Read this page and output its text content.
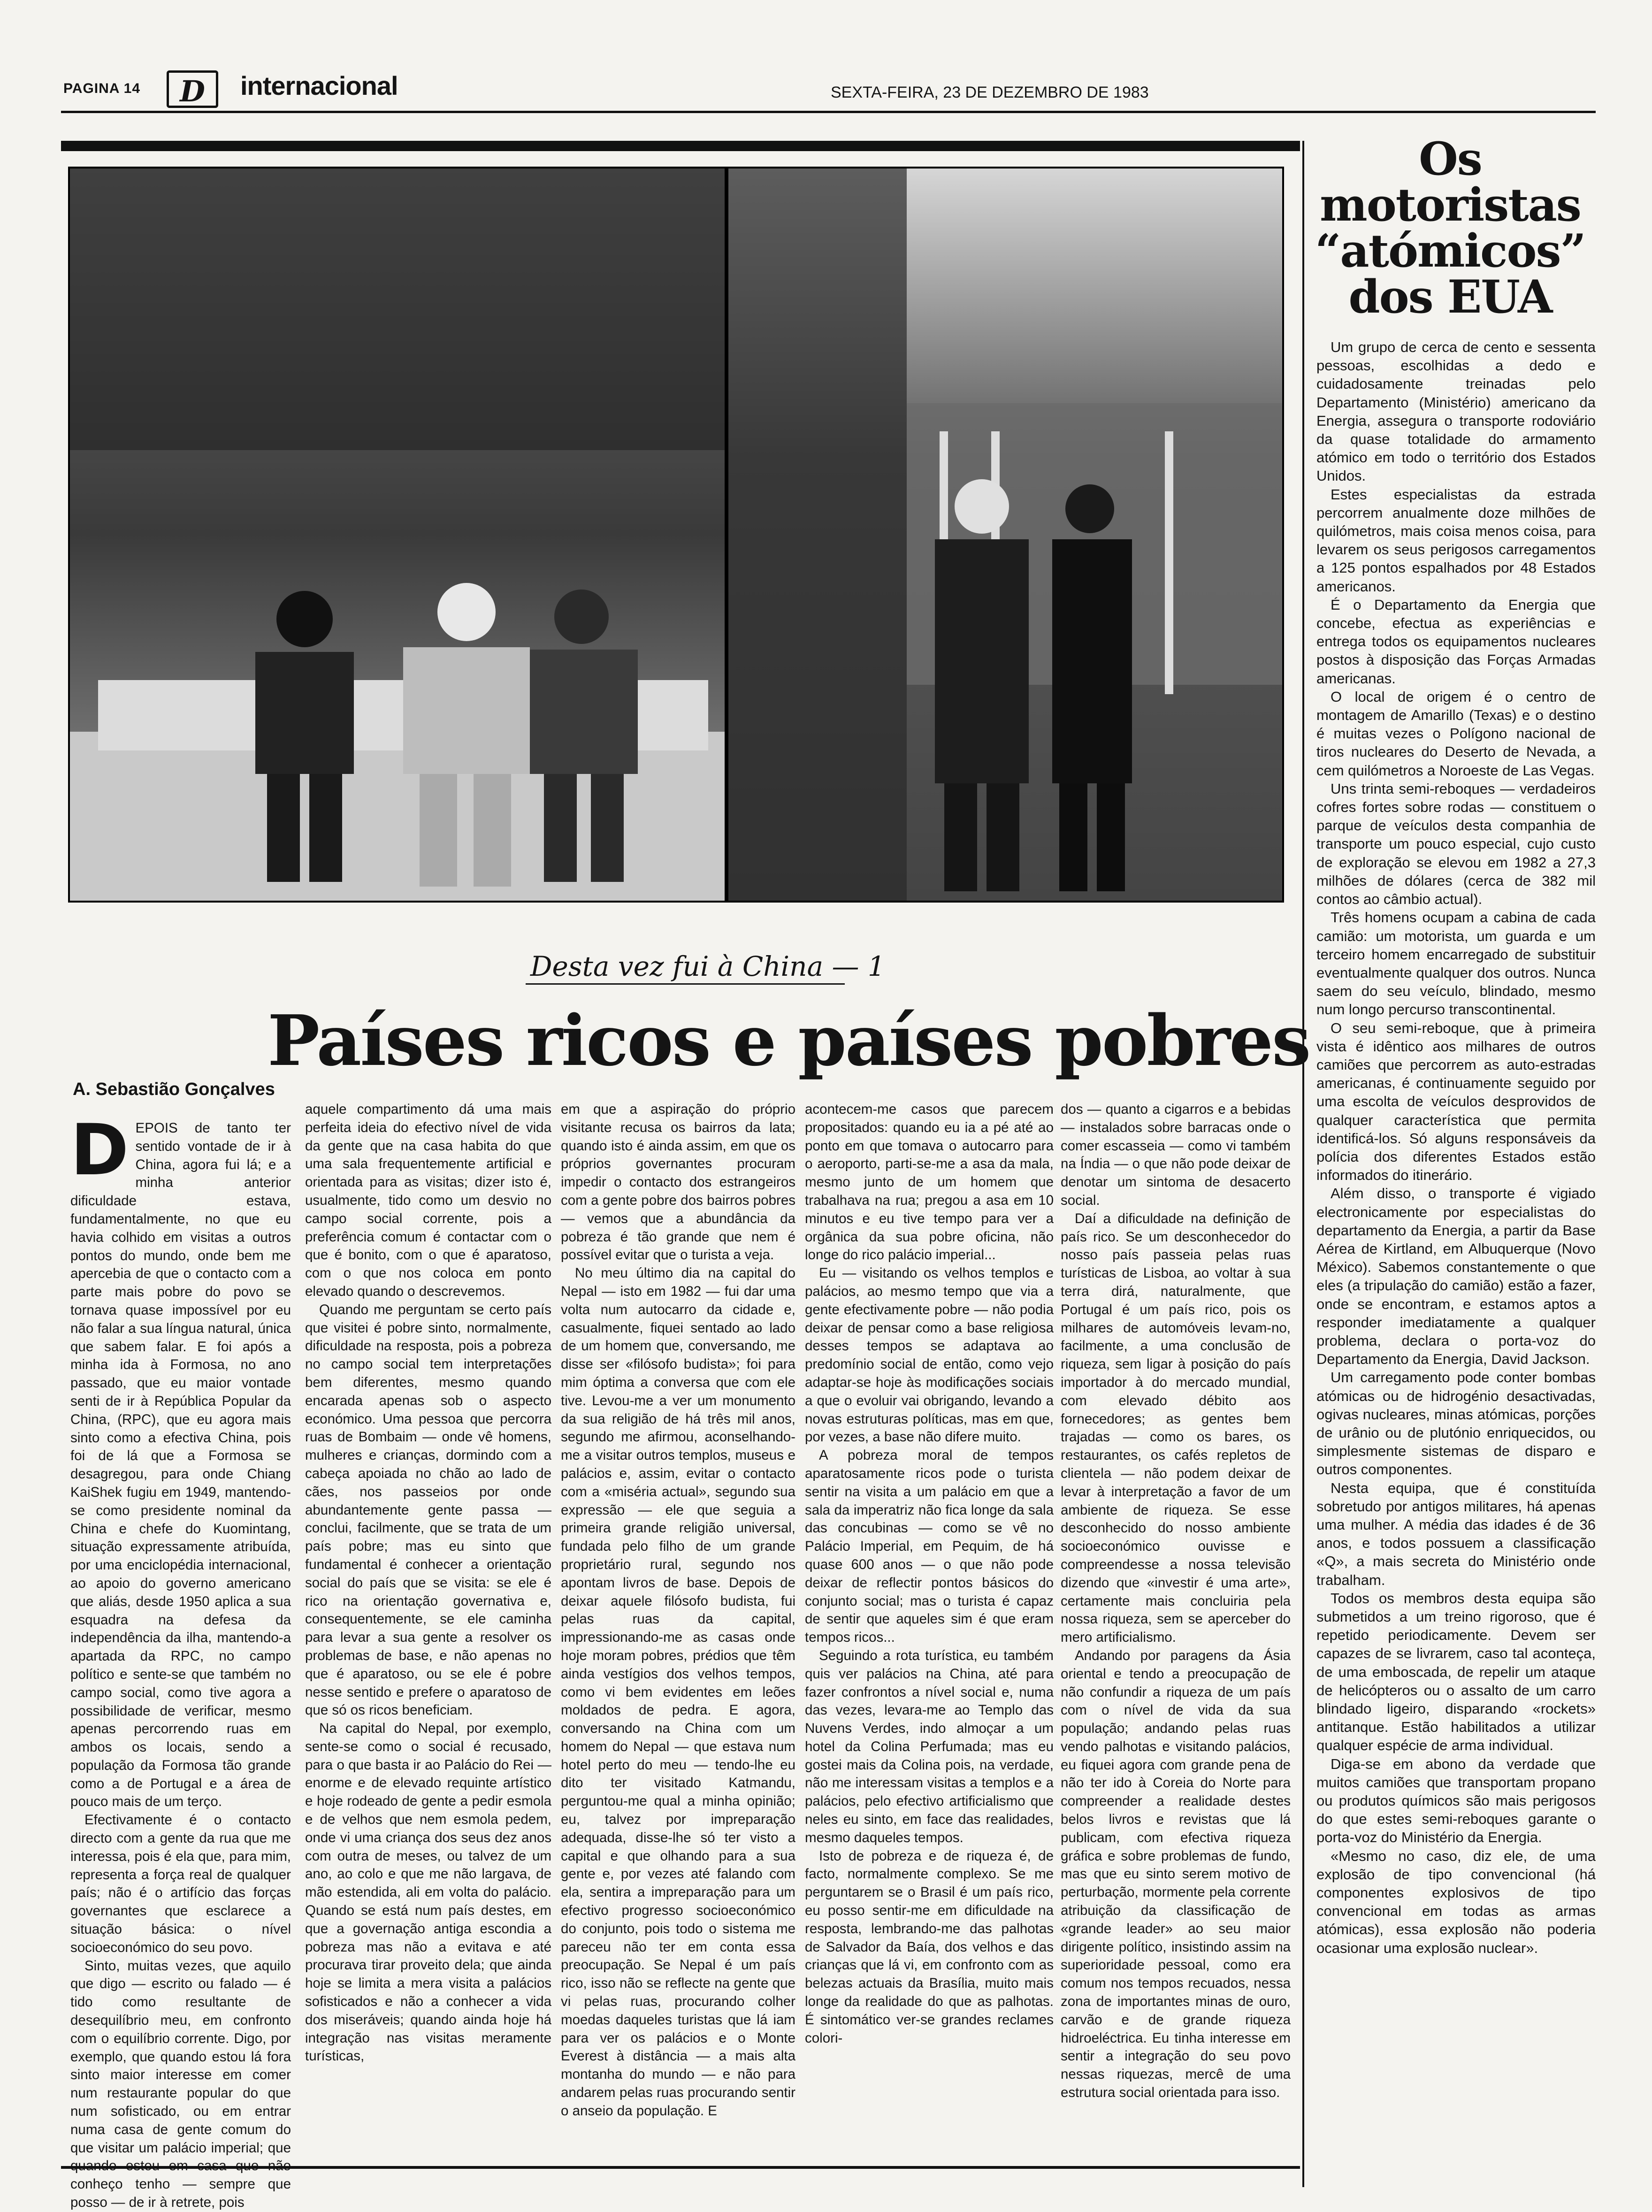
PAGINA 14	D	internacional	SEXTA-FEIRA, 23 DE DEZEMBRO DE 1983
Desta vez fui à China — 1
Países ricos e países pobres
A. Sebastião Gonçalves
D EPOIS de tanto ter sentido vontade de ir à China, agora fui lá; e a minha anterior dificuldade estava, fundamentalmente, no que eu havia colhido em visitas a outros pontos do mundo, onde bem me apercebia de que o contacto com a parte mais pobre do povo se tornava quase impossível por eu não falar a sua língua natural, única que sabem falar. E foi após a minha ida à Formosa, no ano passado, que eu maior vontade senti de ir à República Popular da China, (RPC), que eu agora mais sinto como a efectiva China, pois foi de lá que a Formosa se desagregou, para onde Chiang KaiShek fugiu em 1949, mantendo-se como presidente nominal da China e chefe do Kuomintang, situação expressamente atribuída, por uma enciclopédia internacional, ao apoio do governo americano que aliás, desde 1950 aplica a sua esquadra na defesa da independência da ilha, mantendo-a apartada da RPC, no campo político e sente-se que também no campo social, como tive agora a possibilidade de verificar, mesmo apenas percorrendo ruas em ambos os locais, sendo a população da Formosa tão grande como a de Portugal e a área de pouco mais de um terço.

Efectivamente é o contacto directo com a gente da rua que me interessa, pois é ela que, para mim, representa a força real de qualquer país; não é o artifício das forças governantes que esclarece a situação básica: o nível socioeconómico do seu povo.

Sinto, muitas vezes, que aquilo que digo — escrito ou falado — é tido como resultante de desequilíbrio meu, em confronto com o equilíbrio corrente. Digo, por exemplo, que quando estou lá fora sinto maior interesse em comer num restaurante popular do que num sofisticado, ou em entrar numa casa de gente comum do que visitar um palácio imperial; que conheço tenho — sempre que posso — de ir à retrete, pois

aquele compartimento dá uma mais perfeita ideia do efectivo nível de vida da gente que na casa habita do que uma sala frequentemente artificial e orientada para as visitas; dizer isto é, usualmente, tido como um desvio no campo social corrente, pois a preferência comum é contactar com o que é bonito, com o que é aparatoso, com o que nos coloca em ponto elevado quando o descrevemos.

Quando me perguntam se certo país que visitei é pobre sinto, normalmente, dificuldade na resposta, pois a pobreza no campo social tem interpretações bem diferentes, mesmo quando encarada apenas sob o aspecto económico. Uma pessoa que percorra ruas de Bombaim — onde vê homens, mulheres e crianças, dormindo com a cabeça apoiada no chão ao lado de cães, nos passeios por onde abundantemente gente passa — conclui, facilmente, que se trata de um país pobre; mas eu sinto que fundamental é conhecer a orientação social do país que se visita: se ele é rico na orientação governativa e, consequentemente, se ele caminha para levar a sua gente a resolver os problemas de base, e não apenas no que é aparatoso, ou se ele é pobre nesse sentido e prefere o aparatoso de que só os ricos beneficiam.

Na capital do Nepal, por exemplo, sente-se como o social é recusado, para o que basta ir ao Palácio do Rei — enorme e de elevado requinte artístico e hoje rodeado de gente a pedir esmola e de velhos que nem esmola pedem, onde vi uma criança dos seus dez anos com outra de meses, ou talvez de um ano, ao colo e que me não largava, de mão estendida, ali em volta do palácio. Quando se está num país destes, em que a governação antiga escondia a pobreza mas não a evitava e até procurava tirar proveito dela; que ainda hoje se limita a mera visita a palácios sofisticados e não a conhecer a vida dos miseráveis; quando ainda hoje há integração nas visitas meramente turísticas,

em que a aspiração do próprio visitante recusa os bairros da lata; quando isto é ainda assim, em que os próprios governantes procuram impedir o contacto dos estrangeiros com a gente pobre dos bairros pobres — vemos que a abundância da pobreza é tão grande que nem é possível evitar que o turista a veja.

No meu último dia na capital do Nepal — isto em 1982 — fui dar uma volta num autocarro da cidade e, casualmente, fiquei sentado ao lado de um homem que, conversando, me disse ser «filósofo budista»; foi para mim óptima a conversa que com ele tive. Levou-me a ver um monumento da sua religião de há três mil anos, segundo me afirmou, aconselhando-me a visitar outros templos, museus e palácios e, assim, evitar o contacto com a «miséria actual», segundo sua expressão — ele que seguia a primeira grande religião universal, fundada pelo filho de um grande proprietário rural, segundo nos apontam livros de base. Depois de deixar aquele filósofo budista, fui pelas ruas da capital, impressionando-me as casas onde hoje moram pobres, prédios que têm ainda vestígios dos velhos tempos, como vi bem evidentes em leões moldados de pedra. E agora, conversando na China com um homem do Nepal — que estava num hotel perto do meu — tendo-lhe eu dito ter visitado Katmandu, perguntou-me qual a minha opinião; eu, talvez por impreparação adequada, disse-lhe só ter visto a capital e que olhando para a sua gente e, por vezes até falando com ela, sentira a impreparação para um efectivo progresso socioeconómico do conjunto, pois todo o sistema me pareceu não ter em conta essa preocupação. Se Nepal é um país rico, isso não se reflecte na gente que vi pelas ruas, procurando colher moedas daqueles turistas que lá iam para ver os palácios e o Monte Everest à distância — a mais alta montanha do mundo — e não para andarem pelas ruas procurando sentir o anseio da população. E

acontecem-me casos que parecem propositados: quando eu ia a pé até ao ponto em que tomava o autocarro para o aeroporto, parti-se-me a asa da mala, mesmo junto de um homem que trabalhava na rua; pregou a asa em 10 minutos e eu tive tempo para ver a orgânica da sua pobre oficina, não longe do rico palácio imperial...

Eu — visitando os velhos templos e palácios, ao mesmo tempo que via a gente efectivamente pobre — não podia deixar de pensar como a base religiosa desses tempos se adaptava ao predomínio social de então, como vejo adaptar-se hoje às modificações sociais a que o evoluir vai obrigando, levando a novas estruturas políticas, mas em que, por vezes, a base não difere muito.

A pobreza moral de tempos aparatosamente ricos pode o turista sentir na visita a um palácio em que a sala da imperatriz não fica longe da sala das concubinas — como se vê no Palácio Imperial, em Pequim, de há quase 600 anos — o que não pode deixar de reflectir pontos básicos do conjunto social; mas o turista é capaz de sentir que aqueles sim é que eram tempos ricos...

Seguindo a rota turística, eu também quis ver palácios na China, até para fazer confrontos a nível social e, numa das vezes, levara-me ao Templo das Nuvens Verdes, indo almoçar a um hotel da Colina Perfumada; mas eu gostei mais da Colina pois, na verdade, não me interessam visitas a templos e a palácios, pelo efectivo artificialismo que neles eu sinto, em face das realidades, mesmo daqueles tempos.

Isto de pobreza e de riqueza é, de facto, normalmente complexo. Se me perguntarem se o Brasil é um país rico, eu posso sentir-me em dificuldade na resposta, lembrando-me das palhotas de Salvador da Baía, dos velhos e das crianças que lá vi, em confronto com as belezas actuais da Brasília, muito mais longe da realidade do que as palhotas. É sintomático ver-se grandes reclames colori-

dos — quanto a cigarros e a bebidas — instalados sobre barracas onde o comer escasseia — como vi também na Índia — o que não pode deixar de denotar um sintoma de desacerto social.

Daí a dificuldade na definição de país rico. Se um desconhecedor do nosso país passeia pelas ruas turísticas de Lisboa, ao voltar à sua terra dirá, naturalmente, que Portugal é um país rico, pois os milhares de automóveis levam-no, facilmente, a uma conclusão de riqueza, sem ligar à posição do país importador à do mercado mundial, com elevado débito aos fornecedores; as gentes bem trajadas — como os bares, os restaurantes, os cafés repletos de clientela — não podem deixar de levar à interpretação a favor de um ambiente de riqueza. Se esse desconhecido do nosso ambiente socioeconómico ouvisse e compreendesse a nossa televisão dizendo que «investir é uma arte», certamente mais concluiria pela nossa riqueza, sem se aperceber do mero artificialismo.

Andando por paragens da Ásia oriental e tendo a preocupação de não confundir a riqueza de um país com o nível de vida da sua população; andando pelas ruas vendo palhotas e visitando palácios, eu fiquei agora com grande pena de não ter ido à Coreia do Norte para compreender a realidade destes belos livros e revistas que lá publicam, com efectiva riqueza gráfica e sobre problemas de fundo, mas que eu sinto serem motivo de perturbação, mormente pela corrente atribuição da classificação de «grande leader» ao seu maior dirigente político, insistindo assim na superioridade pessoal, como era comum nos tempos recuados, nessa zona de importantes minas de ouro, carvão e de grande riqueza hidroeléctrica. Eu tinha interesse em sentir a integração do seu povo nessas riquezas, mercê de uma estrutura social orientada para isso.

Os
motoristas
“atómicos”
dos EUA

Um grupo de cerca de cento e sessenta pessoas, escolhidas a dedo e cuidadosamente treinadas pelo Departamento (Ministério) americano da Energia, assegura o transporte rodoviário da quase totalidade do armamento atómico em todo o território dos Estados Unidos.

Estes especialistas da estrada percorrem anualmente doze milhões de quilómetros, mais coisa menos coisa, para levarem os seus perigosos carregamentos a 125 pontos espalhados por 48 Estados americanos.

É o Departamento da Energia que concebe, efectua as experiências e entrega todos os equipamentos nucleares postos à disposição das Forças Armadas americanas.

O local de origem é o centro de montagem de Amarillo (Texas) e o destino é muitas vezes o Polígono nacional de tiros nucleares do Deserto de Nevada, a cem quilómetros a Noroeste de Las Vegas.

Uns trinta semi-reboques — verdadeiros cofres fortes sobre rodas — constituem o parque de veículos desta companhia de transporte um pouco especial, cujo custo de exploração se elevou em 1982 a 27,3 milhões de dólares (cerca de 382 mil contos ao câmbio actual).

Três homens ocupam a cabina de cada camião: um motorista, um guarda e um terceiro homem encarregado de substituir eventualmente qualquer dos outros. Nunca saem do seu veículo, blindado, mesmo num longo percurso transcontinental.

O seu semi-reboque, que à primeira vista é idêntico aos milhares de outros camiões que percorrem as auto-estradas americanas, é continuamente seguido por uma escolta de veículos desprovidos de qualquer característica que permita identificá-los. Só alguns responsáveis da polícia dos diferentes Estados estão informados do itinerário.

Além disso, o transporte é vigiado electronicamente por especialistas do departamento da Energia, a partir da Base Aérea de Kirtland, em Albuquerque (Novo México). Sabemos constantemente o que eles (a tripulação do camião) estão a fazer, onde se encontram, e estamos aptos a responder imediatamente a qualquer problema, declara o porta-voz do Departamento da Energia, David Jackson.

Um carregamento pode conter bombas atómicas ou de hidrogénio desactivadas, ogivas nucleares, minas atómicas, porções de urânio ou de plutónio enriquecidos, ou simplesmente sistemas de disparo e outros componentes.

Nesta equipa, que é constituída sobretudo por antigos militares, há apenas uma mulher. A média das idades é de 36 anos, e todos possuem a classificação «Q», a mais secreta do Ministério onde trabalham.

Todos os membros desta equipa são submetidos a um treino rigoroso, que é repetido periodicamente. Devem ser capazes de se livrarem, caso tal aconteça, de uma emboscada, de repelir um ataque de helicópteros ou o assalto de um carro blindado ligeiro, disparando «rockets» antitanque. Estão habilitados a utilizar qualquer espécie de arma individual.

Diga-se em abono da verdade que muitos camiões que transportam propano ou produtos químicos são mais perigosos do que estes semi-reboques garante o porta-voz do Ministério da Energia.

«Mesmo no caso, diz ele, de uma explosão de tipo convencional (há componentes explosivos de tipo convencional em todas as armas atómicas), essa explosão não poderia ocasionar uma explosão nuclear».
